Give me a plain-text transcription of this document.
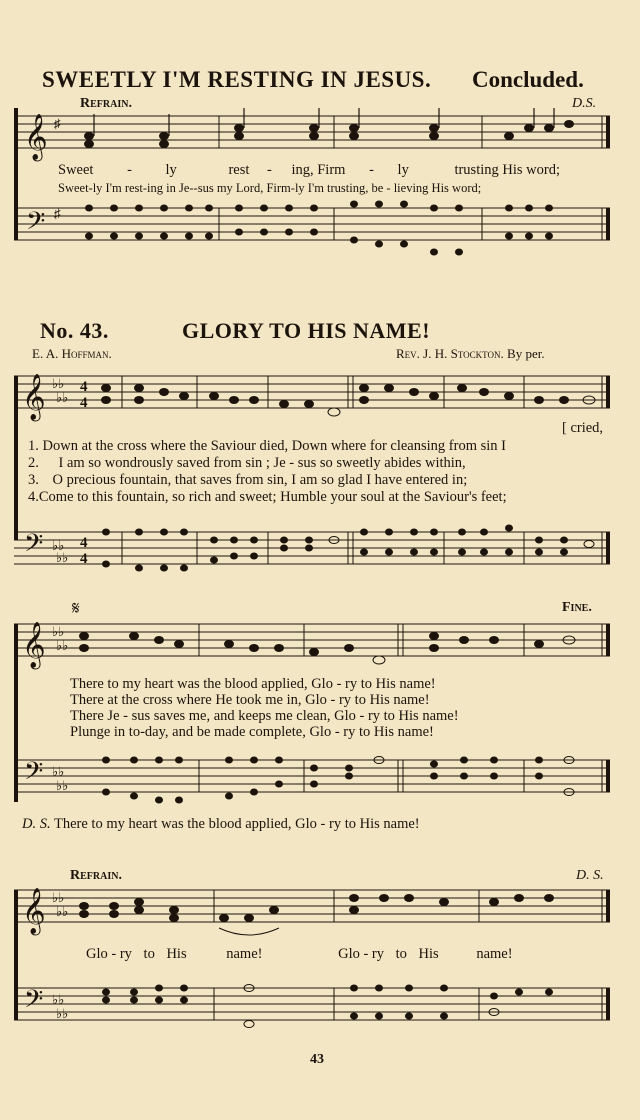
SWEETLY I'M RESTING IN JESUS. Concluded.
Refrain.	D.S.
𝄞 ♯
Sweet - ly	rest - ing, Firm - ly	trusting His word;
Sweet-ly I'm rest-ing in Je--sus my Lord, Firm-ly I'm trusting, be - lieving His word;
𝄢 ♯
No. 43.	GLORY TO HIS NAME!
E. A. Hoffman.	Rev. J. H. Stockton. By per.
𝄞 ♭♭
♭♭
4
4
[ cried,
1. Down at the cross where the Saviour died, Down where for cleansing from sin I
2. I am so wondrously saved from sin ; Je - sus so sweetly abides within,
3. O precious fountain, that saves from sin, I am so glad I have entered in;
4.Come to this fountain, so rich and sweet; Humble your soul at the Saviour's feet;
𝄢 ♭♭
♭♭
4
4
𝄋	Fine.
𝄞 ♭♭
♭♭
There to my heart was the blood applied, Glo - ry to His name!
There at the cross where He took me in, Glo - ry to His name!
There Je - sus saves me, and keeps me clean, Glo - ry to His name!
Plunge in to-day, and be made complete, Glo - ry to His name!
𝄢 ♭♭
♭♭
D. S. There to my heart was the blood applied, Glo - ry to His name!
Refrain.	D. S.
𝄞 ♭♭
♭♭
Glo - ry to His	name!	Glo - ry to His	name!
𝄢 ♭♭
♭♭
43
